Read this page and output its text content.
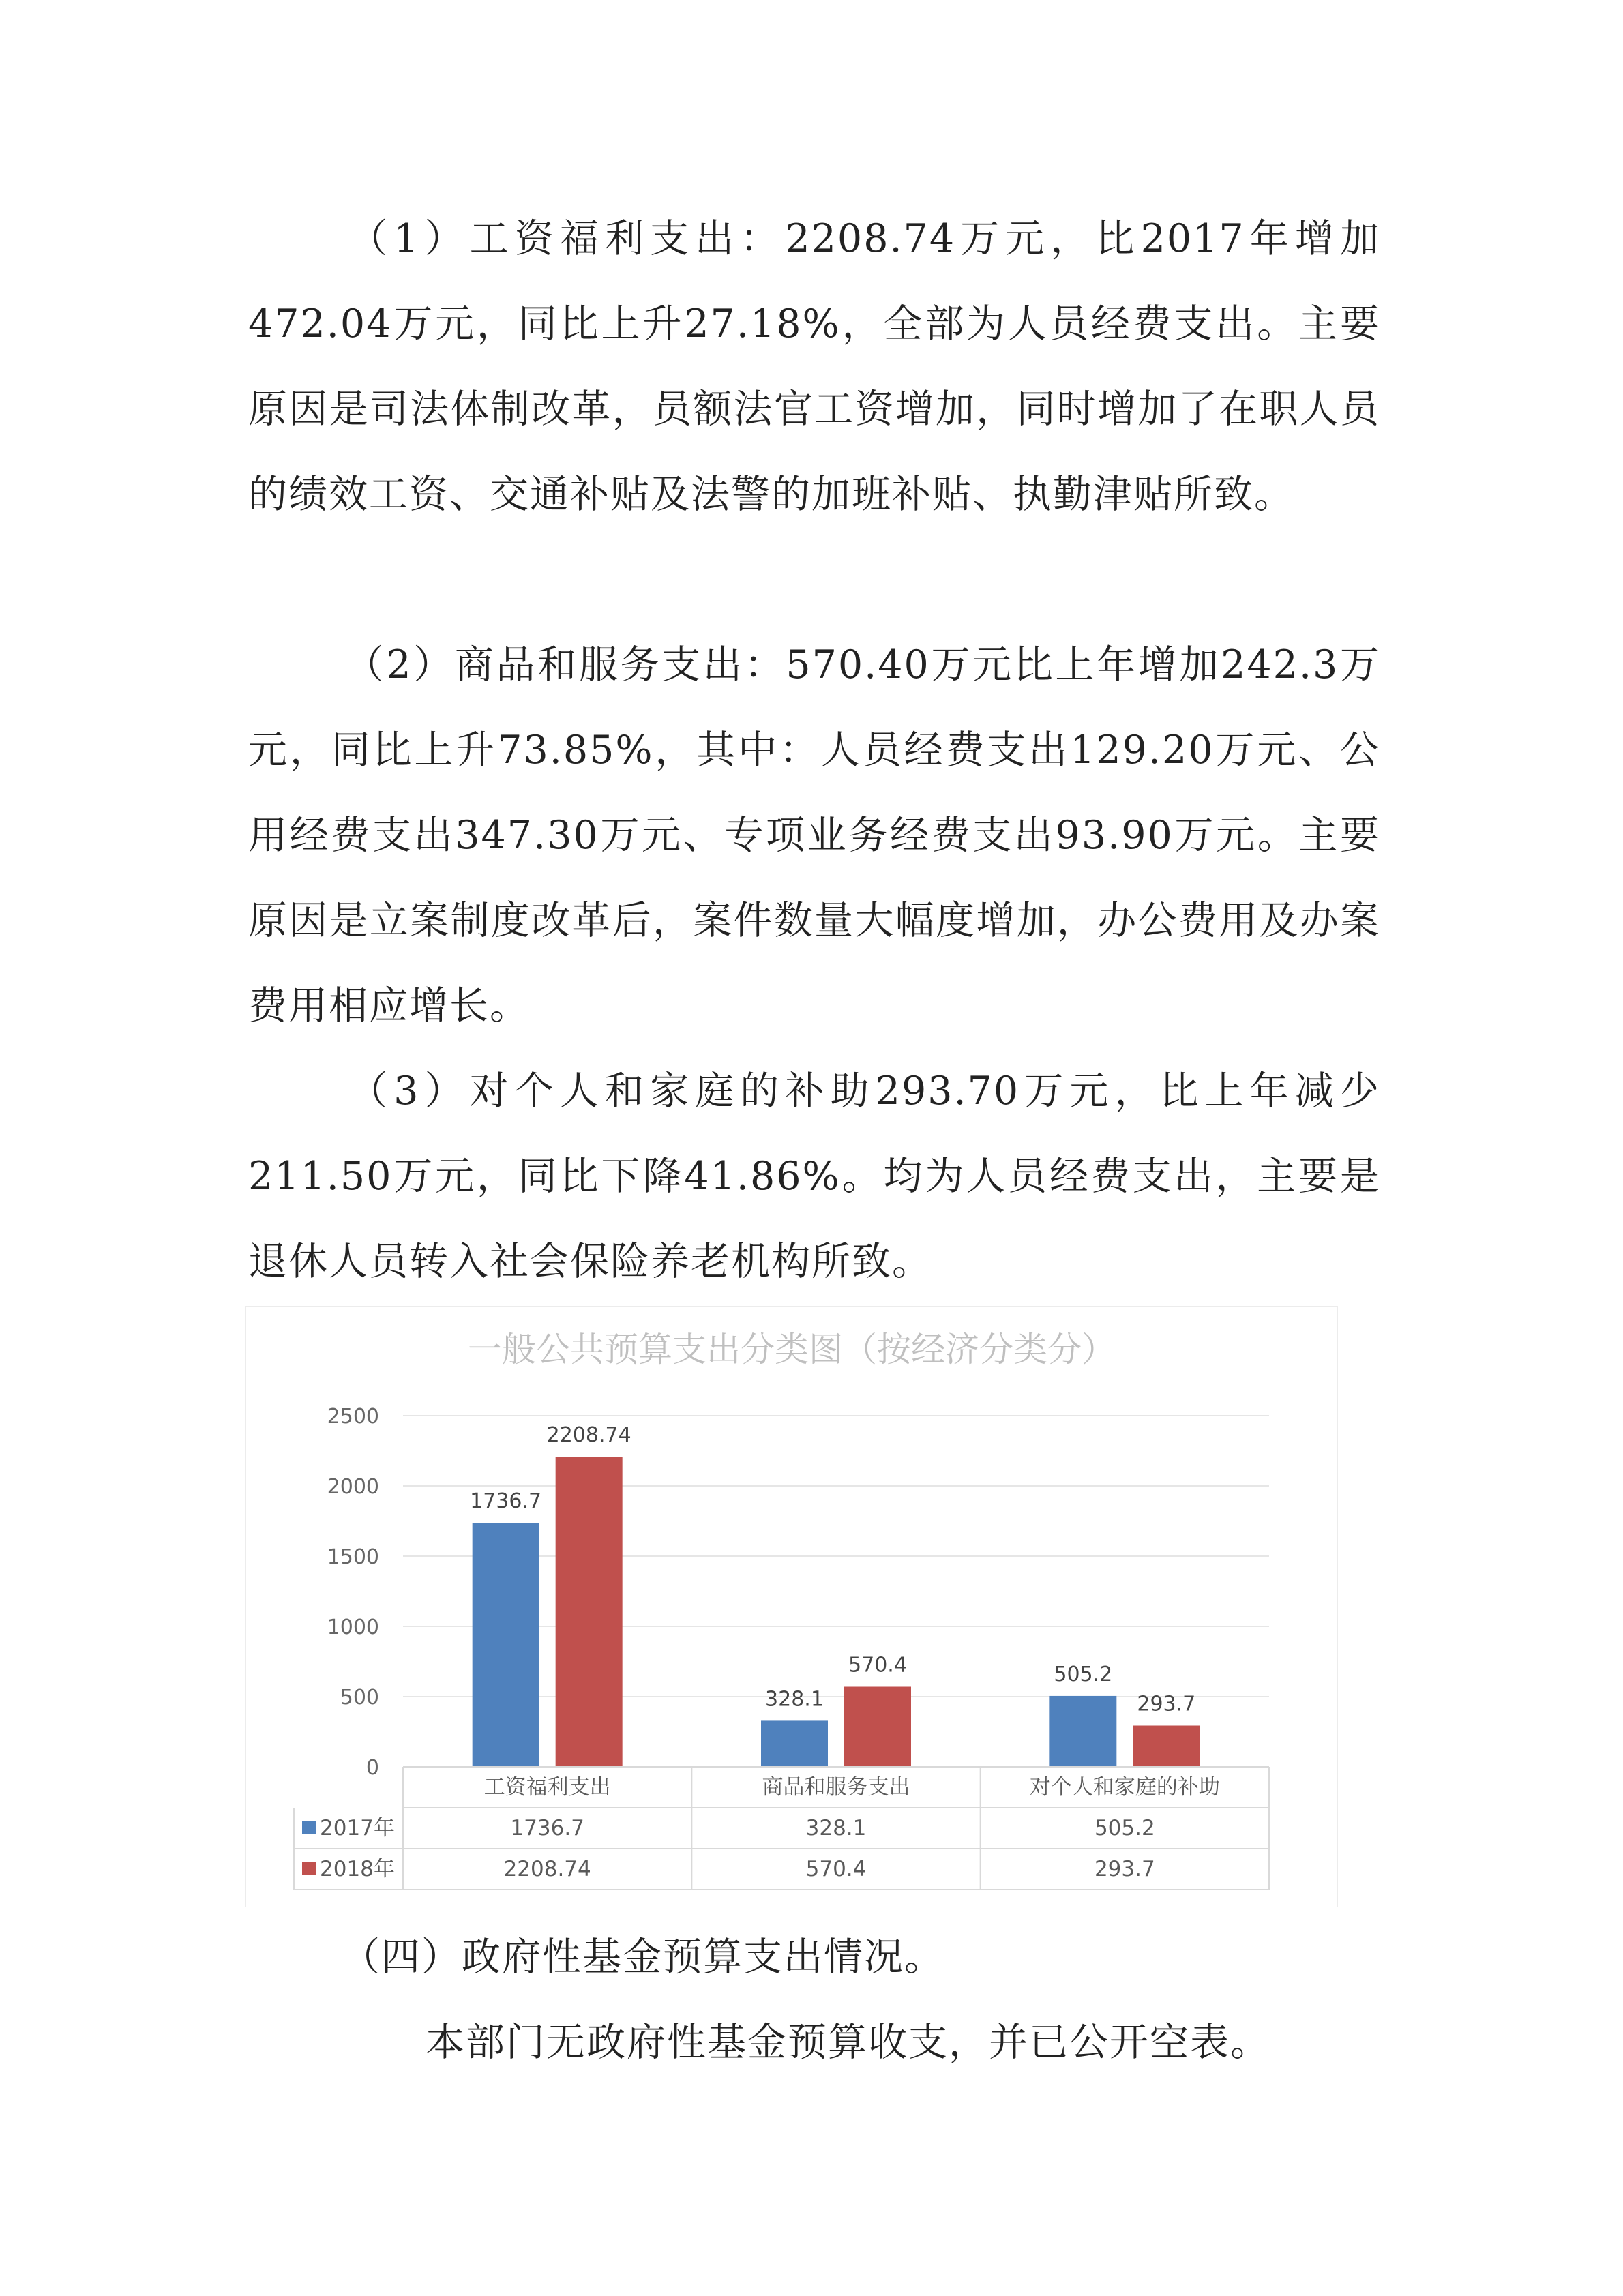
（1）工资福利支出：2208.74万元，比2017年增加472.04万元，同比上升27.18%，全部为人员经费支出。主要原因是司法体制改革，员额法官工资增加，同时增加了在职人员的绩效工资、交通补贴及法警的加班补贴、执勤津贴所致。

（2）商品和服务支出：570.40万元比上年增加242.3万元，同比上升73.85%，其中：人员经费支出129.20万元、公用经费支出347.30万元、专项业务经费支出93.90万元。主要原因是立案制度改革后，案件数量大幅度增加，办公费用及办案费用相应增长。

（3）对个人和家庭的补助293.70万元，比上年减少211.50万元，同比下降41.86%。均为人员经费支出，主要是退休人员转入社会保险养老机构所致。

一般公共预算支出分类图（按经济分类分）
0
500
1000
1500
2000
2500
1736.7
2208.74
328.1
570.4	505.2
293.7
工资福利支出	商品和服务支出	对个人和家庭的补助
2017年	1736.7	328.1	505.2
2018年	2208.74	570.4	293.7

（四）政府性基金预算支出情况。

本部门无政府性基金预算收支，并已公开空表。
